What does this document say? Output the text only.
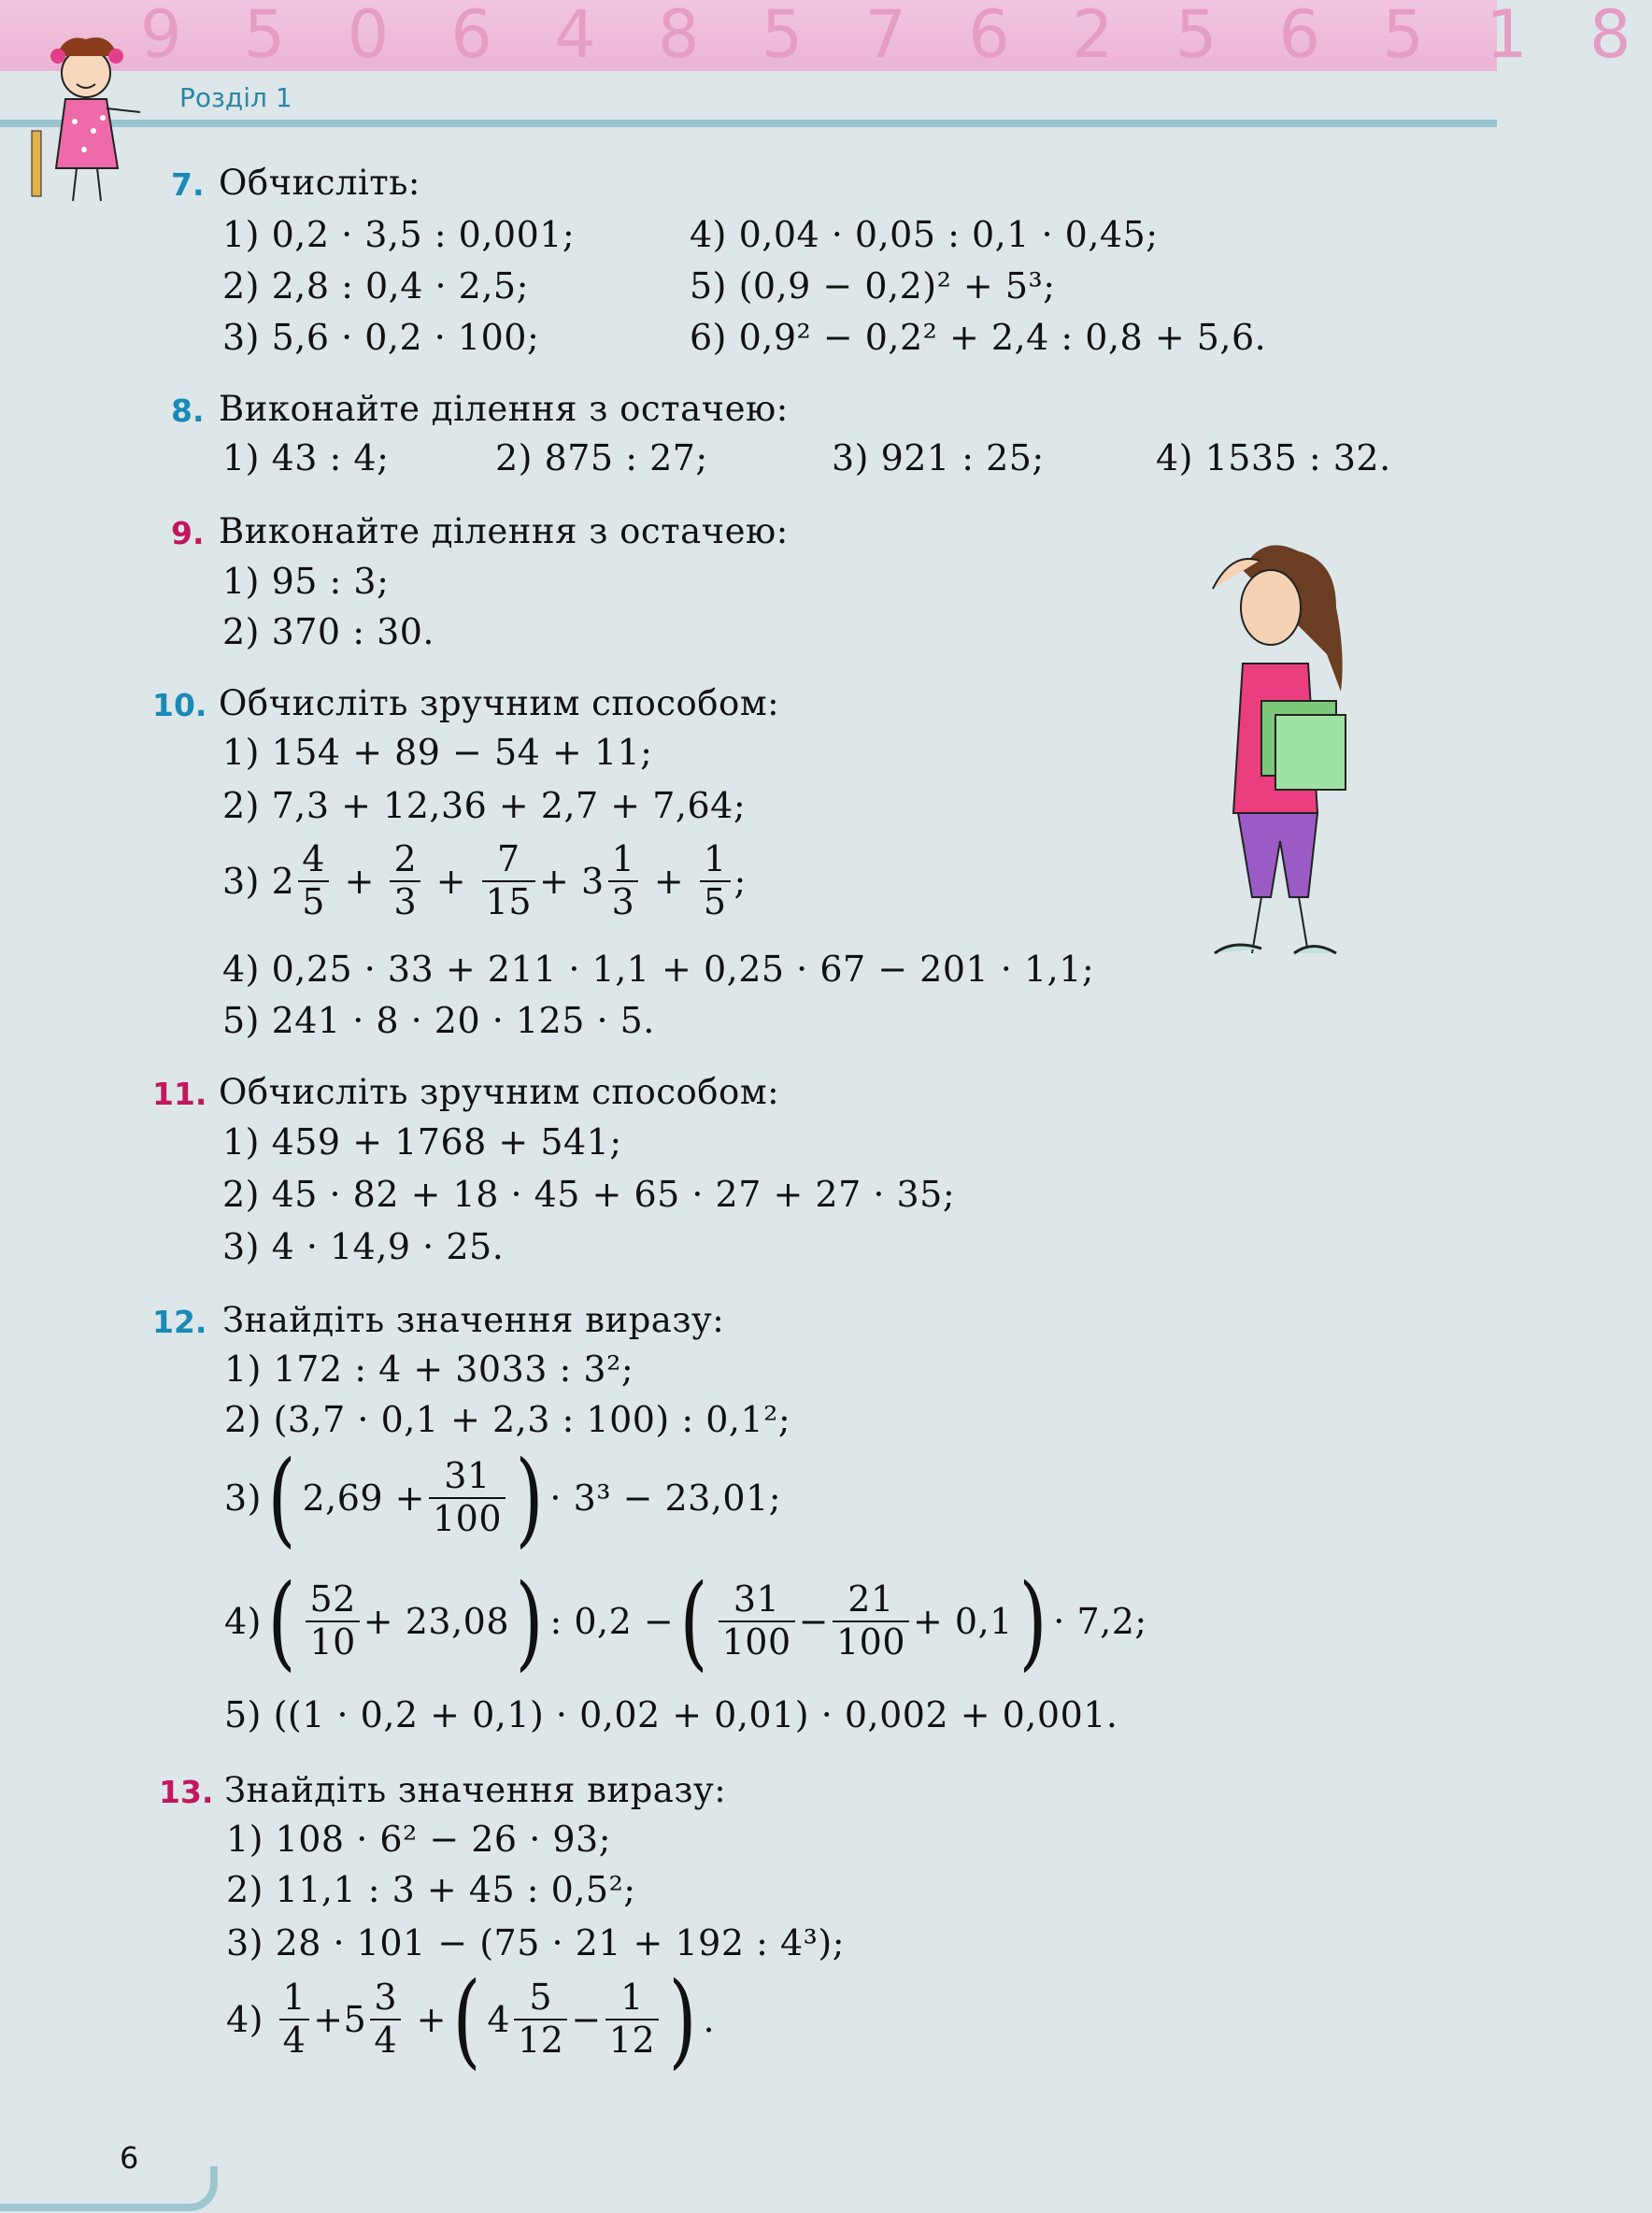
9 5 0 6 4 8 5 7 6 2 5 6 5 1 8
Розділ 1
7. Обчисліть:
1) 0,2 · 3,5 : 0,001;
2) 2,8 : 0,4 · 2,5;
3) 5,6 · 0,2 · 100;
4) 0,04 · 0,05 : 0,1 · 0,45;
5) (0,9 − 0,2)² + 5³;
6) 0,9² − 0,2² + 2,4 : 0,8 + 5,6.
8. Виконайте ділення з остачею:
1) 43 : 4;	2) 875 : 27;	3) 921 : 25;	4) 1535 : 32.
9. Виконайте ділення з остачею:
1) 95 : 3;
2) 370 : 30.
10. Обчисліть зручним способом:
1) 154 + 89 − 54 + 11;
2) 7,3 + 12,36 + 2,7 + 7,64;
3)
$2 \frac{4}{5} + \frac{2}{3} + \frac{7}{15} + 3 \frac{1}{3} + \frac{1}{5}$ ;
4) 0,25 · 33 + 211 · 1,1 + 0,25 · 67 − 201 · 1,1;
5) 241 · 8 · 20 · 125 · 5.
11. Обчисліть зручним способом:
1) 459 + 1768 + 541;
2) 45 · 82 + 18 · 45 + 65 · 27 + 27 · 35;
3) 4 · 14,9 · 25.
12. Знайдіть значення виразу:
1) 172 : 4 + 3033 : 3²;
2) (3,7 · 0,1 + 2,3 : 100) : 0,1²;
3) ( $2,69 + \frac{31}{100}$ ) · 3³ − 23,01;
4) ( $\frac{52}{10} + 23,08$ ) : 0,2 − ( $\frac{31}{100} - \frac{21}{100} + 0,1$ ) · 7,2;
5) ((1 · 0,2 + 0,1) · 0,02 + 0,01) · 0,002 + 0,001.
13. Знайдіть значення виразу:
1) 108 · 6² − 26 · 93;
2) 11,1 : 3 + 45 : 0,5²;
3) 28 · 101 − (75 · 21 + 192 : 4³);
4)
$\frac{1}{4} + 5 \frac{3}{4}$
+ ( $4 \frac{5}{12} - \frac{1}{12}$ ) .
6
